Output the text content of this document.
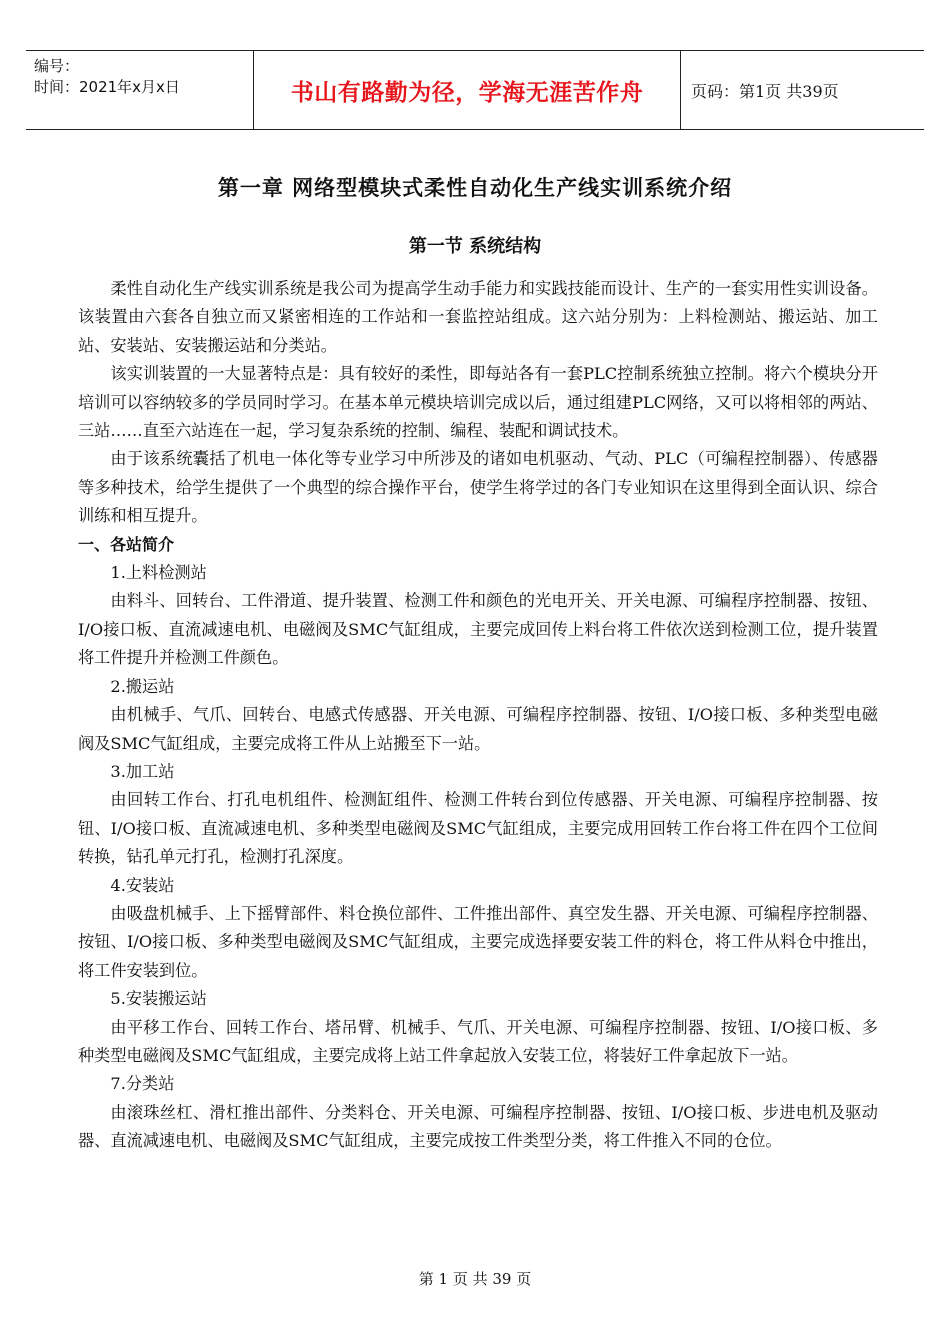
编号：
时间：2021年x月x日	书山有路勤为径，学海无涯苦作舟	页码：第1页 共39页
第一章 网络型模块式柔性自动化生产线实训系统介绍
第一节 系统结构

柔性自动化生产线实训系统是我公司为提高学生动手能力和实践技能而设计、生产的一套实用性实训设备。该装置由六套各自独立而又紧密相连的工作站和一套监控站组成。这六站分别为：上料检测站、搬运站、加工站、安装站、安装搬运站和分类站。

该实训装置的一大显著特点是：具有较好的柔性，即每站各有一套PLC控制系统独立控制。将六个模块分开培训可以容纳较多的学员同时学习。在基本单元模块培训完成以后，通过组建PLC网络，又可以将相邻的两站、三站……直至六站连在一起，学习复杂系统的控制、编程、装配和调试技术。

由于该系统囊括了机电一体化等专业学习中所涉及的诸如电机驱动、气动、PLC（可编程控制器）、传感器等多种技术，给学生提供了一个典型的综合操作平台，使学生将学过的各门专业知识在这里得到全面认识、综合训练和相互提升。

一、各站简介

1.上料检测站

由料斗、回转台、工件滑道、提升装置、检测工件和颜色的光电开关、开关电源、可编程序控制器、按钮、I/O接口板、直流减速电机、电磁阀及SMC气缸组成，主要完成回传上料台将工件依次送到检测工位，提升装置将工件提升并检测工件颜色。

2.搬运站

由机械手、气爪、回转台、电感式传感器、开关电源、可编程序控制器、按钮、I/O接口板、多种类型电磁阀及SMC气缸组成，主要完成将工件从上站搬至下一站。

3.加工站

由回转工作台、打孔电机组件、检测缸组件、检测工件转台到位传感器、开关电源、可编程序控制器、按钮、I/O接口板、直流减速电机、多种类型电磁阀及SMC气缸组成，主要完成用回转工作台将工件在四个工位间转换，钻孔单元打孔，检测打孔深度。

4.安装站

由吸盘机械手、上下摇臂部件、料仓换位部件、工件推出部件、真空发生器、开关电源、可编程序控制器、按钮、I/O接口板、多种类型电磁阀及SMC气缸组成，主要完成选择要安装工件的料仓，将工件从料仓中推出，将工件安装到位。

5.安装搬运站

由平移工作台、回转工作台、塔吊臂、机械手、气爪、开关电源、可编程序控制器、按钮、I/O接口板、多种类型电磁阀及SMC气缸组成，主要完成将上站工件拿起放入安装工位，将装好工件拿起放下一站。

7.分类站

由滚珠丝杠、滑杠推出部件、分类料仓、开关电源、可编程序控制器、按钮、I/O接口板、步进电机及驱动器、直流减速电机、电磁阀及SMC气缸组成，主要完成按工件类型分类，将工件推入不同的仓位。

第 1 页 共 39 页
